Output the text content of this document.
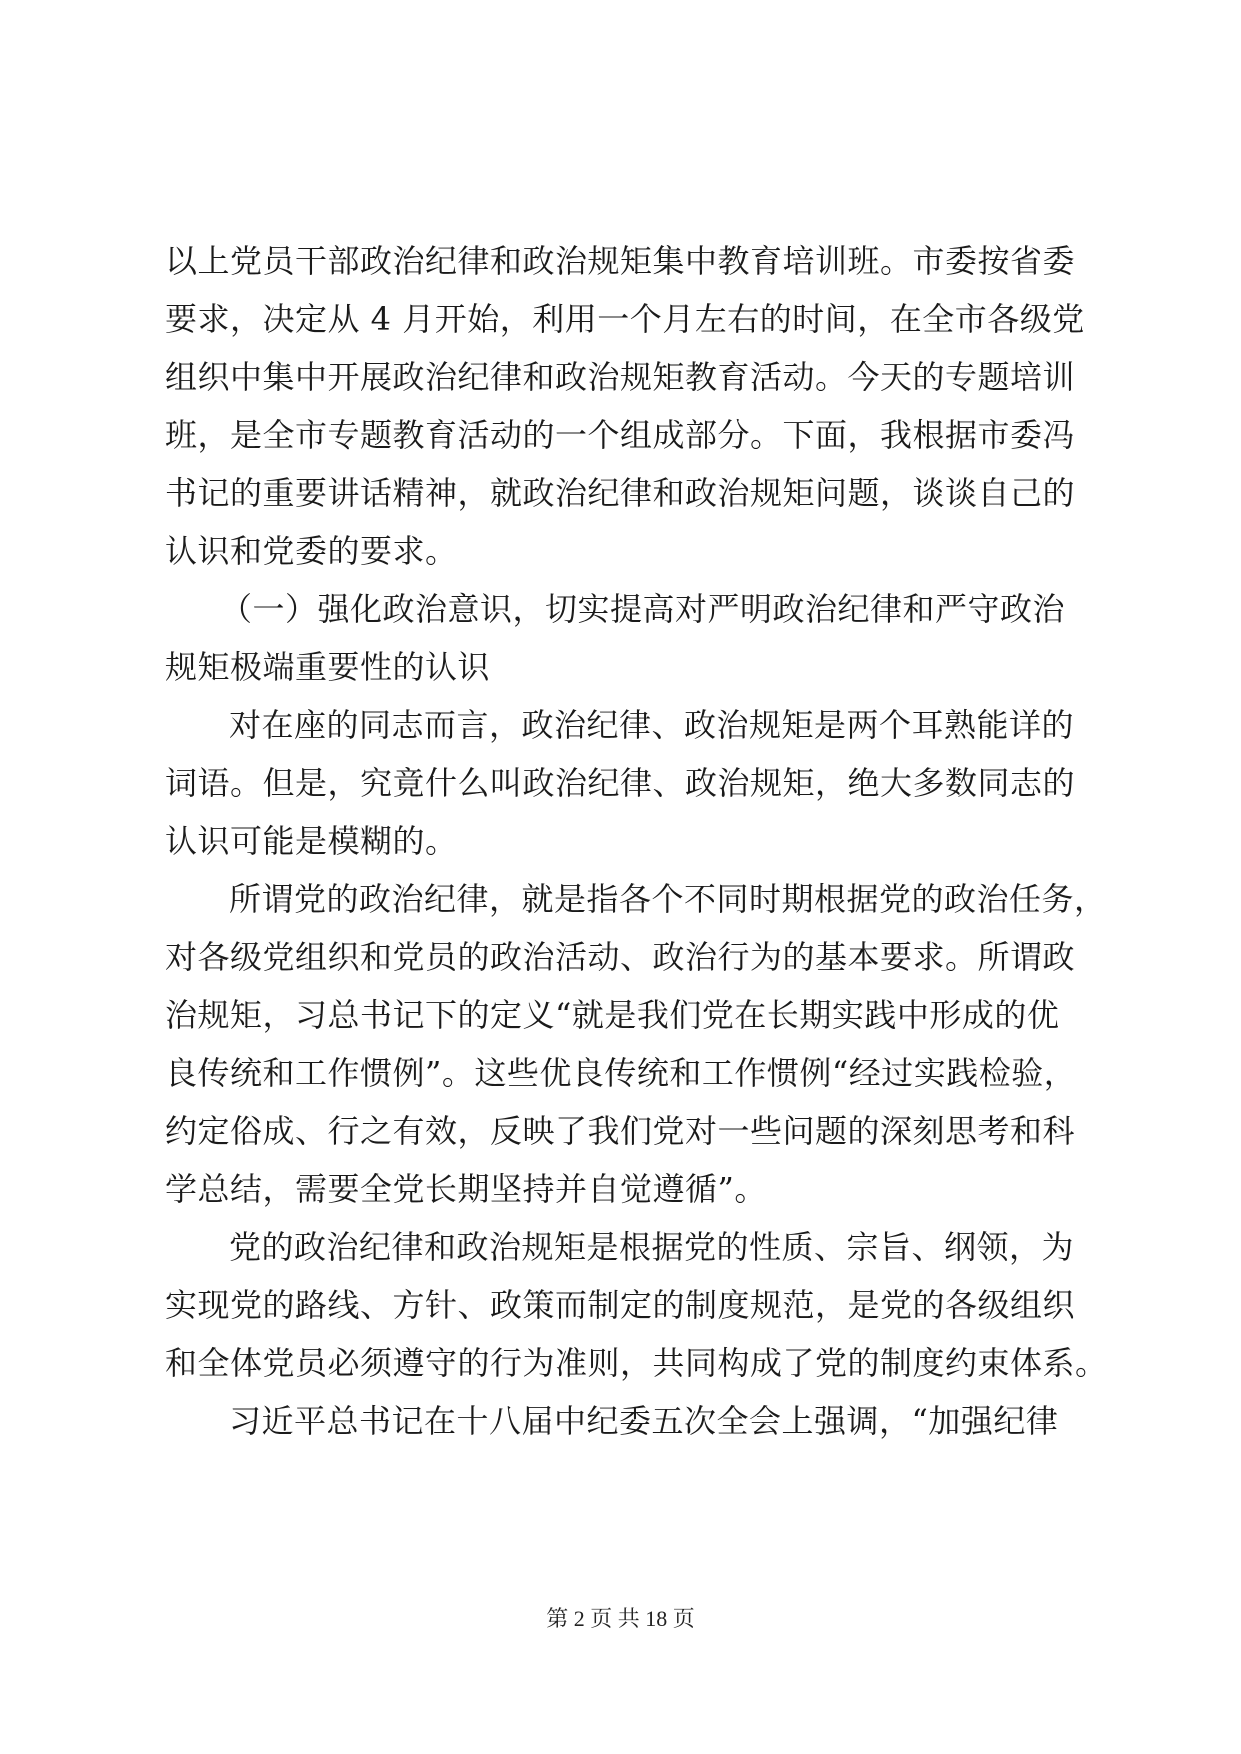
以上党员干部政治纪律和政治规矩集中教育培训班。市委按省委
要求，决定从 4 月开始，利用一个月左右的时间，在全市各级党
组织中集中开展政治纪律和政治规矩教育活动。今天的专题培训
班，是全市专题教育活动的一个组成部分。下面，我根据市委冯
书记的重要讲话精神，就政治纪律和政治规矩问题，谈谈自己的
认识和党委的要求。
（一）强化政治意识，切实提高对严明政治纪律和严守政治
规矩极端重要性的认识
对在座的同志而言，政治纪律、政治规矩是两个耳熟能详的
词语。但是，究竟什么叫政治纪律、政治规矩，绝大多数同志的
认识可能是模糊的。
所谓党的政治纪律，就是指各个不同时期根据党的政治任务，
对各级党组织和党员的政治活动、政治行为的基本要求。所谓政
治规矩，习总书记下的定义“就是我们党在长期实践中形成的优
良传统和工作惯例”。这些优良传统和工作惯例“经过实践检验，
约定俗成、行之有效，反映了我们党对一些问题的深刻思考和科
学总结，需要全党长期坚持并自觉遵循”。
党的政治纪律和政治规矩是根据党的性质、宗旨、纲领，为
实现党的路线、方针、政策而制定的制度规范，是党的各级组织
和全体党员必须遵守的行为准则，共同构成了党的制度约束体系。
习近平总书记在十八届中纪委五次全会上强调，“加强纪律
第 2 页 共 18 页
